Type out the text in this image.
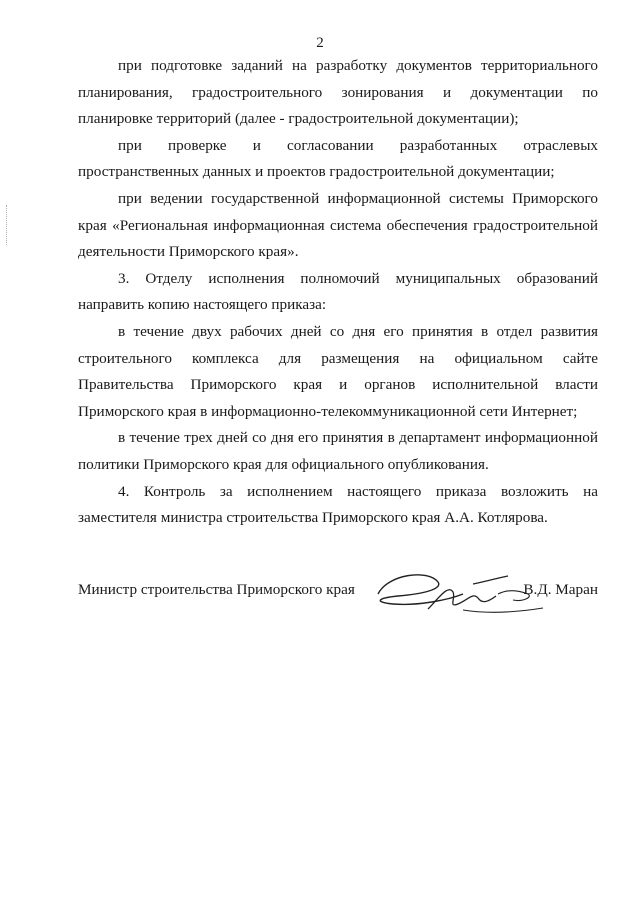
2

при подготовке заданий на разработку документов территориального планирования, градостроительного зонирования и документации по планировке территорий (далее - градостроительной документации);

при проверке и согласовании разработанных отраслевых пространственных данных и проектов градостроительной документации;

при ведении государственной информационной системы Приморского края «Региональная информационная система обеспечения градостроительной деятельности Приморского края».

3. Отделу исполнения полномочий муниципальных образований направить копию настоящего приказа:

в течение двух рабочих дней со дня его принятия в отдел развития строительного комплекса для размещения на официальном сайте Правительства Приморского края и органов исполнительной власти Приморского края в информационно-телекоммуникационной сети Интернет;

в течение трех дней со дня его принятия в департамент информационной политики Приморского края для официального опубликования.

4. Контроль за исполнением настоящего приказа возложить на заместителя министра строительства Приморского края А.А. Котлярова.

Министр строительства Приморского края	В.Д. Маран
